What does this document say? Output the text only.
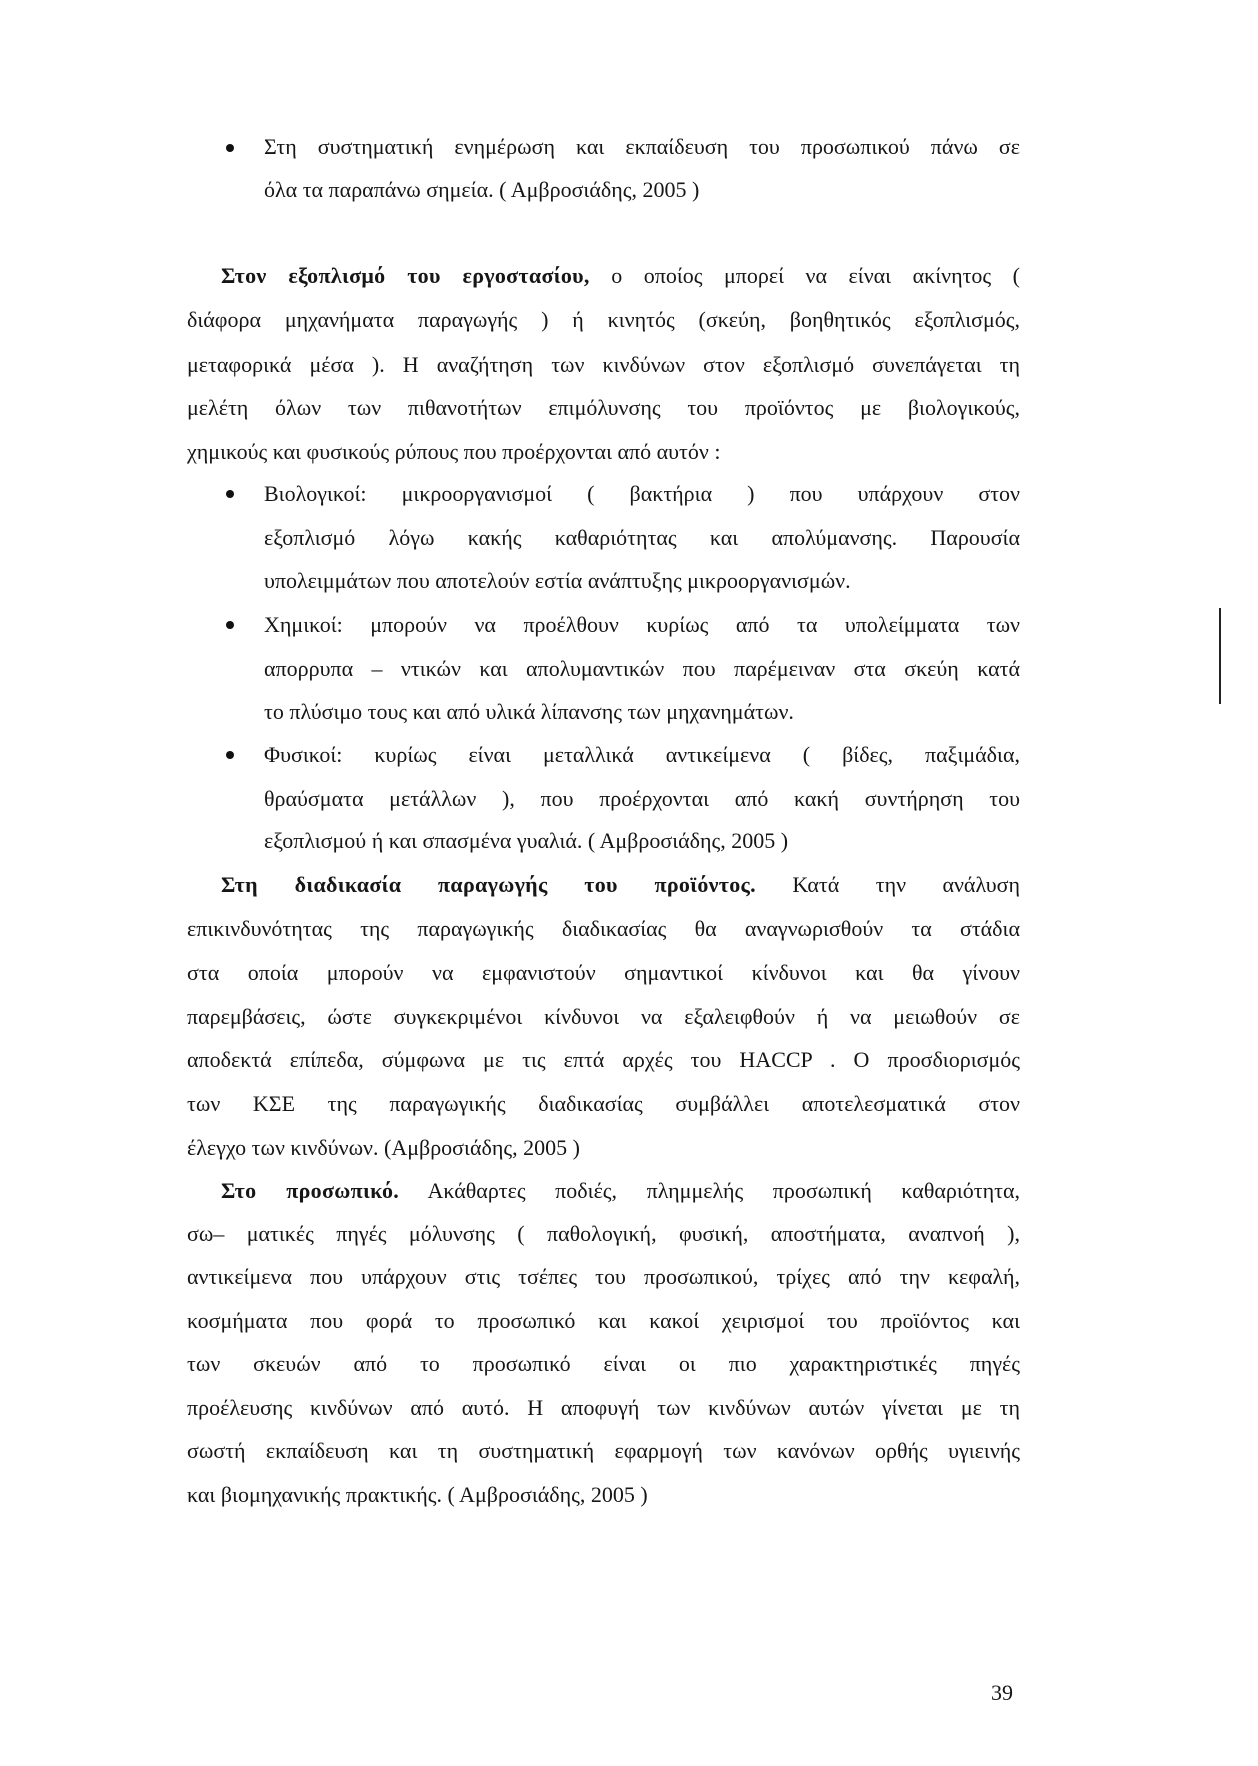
Στη συστηματική ενημέρωση και εκπαίδευση του προσωπικού πάνω σε
όλα τα παραπάνω σημεία. ( Αμβροσιάδης, 2005 )
Στον εξοπλισμό του εργοστασίου, ο οποίος μπορεί να είναι ακίνητος (
διάφορα μηχανήματα παραγωγής ) ή κινητός (σκεύη, βοηθητικός εξοπλισμός,
μεταφορικά μέσα ). Η αναζήτηση των κινδύνων στον εξοπλισμό συνεπάγεται τη
μελέτη όλων των πιθανοτήτων επιμόλυνσης του προϊόντος με βιολογικούς,
χημικούς και φυσικούς ρύπους που προέρχονται από αυτόν :
Βιολογικοί: μικροοργανισμοί ( βακτήρια ) που υπάρχουν στον
εξοπλισμό λόγω κακής καθαριότητας και απολύμανσης. Παρουσία
υπολειμμάτων που αποτελούν εστία ανάπτυξης μικροοργανισμών.
Χημικοί: μπορούν να προέλθουν κυρίως από τα υπολείμματα των
απορρυπα – ντικών και απολυμαντικών που παρέμειναν στα σκεύη κατά
το πλύσιμο τους και από υλικά λίπανσης των μηχανημάτων.
Φυσικοί: κυρίως είναι μεταλλικά αντικείμενα ( βίδες, παξιμάδια,
θραύσματα μετάλλων ), που προέρχονται από κακή συντήρηση του
εξοπλισμού ή και σπασμένα γυαλιά. ( Αμβροσιάδης, 2005 )
Στη διαδικασία παραγωγής του προϊόντος. Κατά την ανάλυση
επικινδυνότητας της παραγωγικής διαδικασίας θα αναγνωρισθούν τα στάδια
στα οποία μπορούν να εμφανιστούν σημαντικοί κίνδυνοι και θα γίνουν
παρεμβάσεις, ώστε συγκεκριμένοι κίνδυνοι να εξαλειφθούν ή να μειωθούν σε
αποδεκτά επίπεδα, σύμφωνα με τις επτά αρχές του HACCP . Ο προσδιορισμός
των ΚΣΕ της παραγωγικής διαδικασίας συμβάλλει αποτελεσματικά στον
έλεγχο των κινδύνων. (Αμβροσιάδης, 2005 )
Στο προσωπικό. Ακάθαρτες ποδιές, πλημμελής προσωπική καθαριότητα,
σω– ματικές πηγές μόλυνσης ( παθολογική, φυσική, αποστήματα, αναπνοή ),
αντικείμενα που υπάρχουν στις τσέπες του προσωπικού, τρίχες από την κεφαλή,
κοσμήματα που φορά το προσωπικό και κακοί χειρισμοί του προϊόντος και
των σκευών από το προσωπικό είναι οι πιο χαρακτηριστικές πηγές
προέλευσης κινδύνων από αυτό. Η αποφυγή των κινδύνων αυτών γίνεται με τη
σωστή εκπαίδευση και τη συστηματική εφαρμογή των κανόνων ορθής υγιεινής
και βιομηχανικής πρακτικής. ( Αμβροσιάδης, 2005 )
39
